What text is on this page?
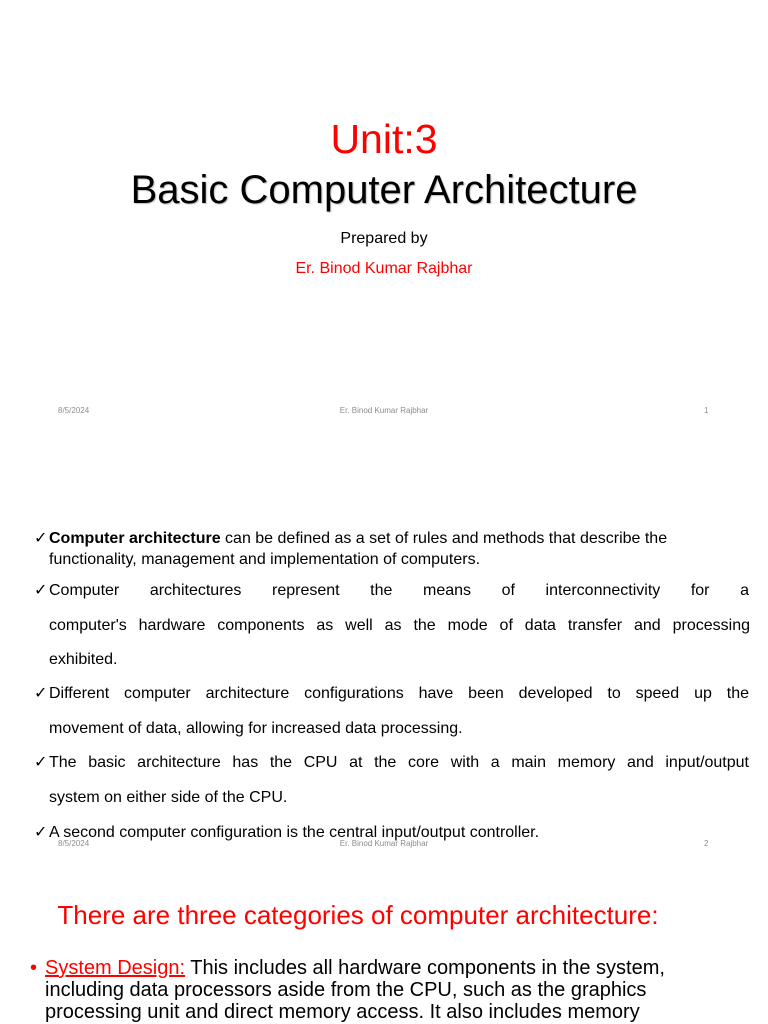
Unit:3
Basic Computer Architecture
Prepared by
Er. Binod Kumar Rajbhar
8/5/2024	Er. Binod Kumar Rajbhar	1
✓Computer architecture can be defined as a set of rules and methods that describe the
functionality, management and implementation of computers.
✓Computer architectures represent the means of interconnectivity for a
computer's hardware components as well as the mode of data transfer and processing
exhibited.
✓Different computer architecture configurations have been developed to speed up the
movement of data, allowing for increased data processing.
✓The basic architecture has the CPU at the core with a main memory and input/output
system on either side of the CPU.
✓A second computer configuration is the central input/output controller.
8/5/2024	Er. Binod Kumar Rajbhar	2
There are three categories of computer architecture:
• System Design: This includes all hardware components in the system,
including data processors aside from the CPU, such as the graphics
processing unit and direct memory access. It also includes memory
